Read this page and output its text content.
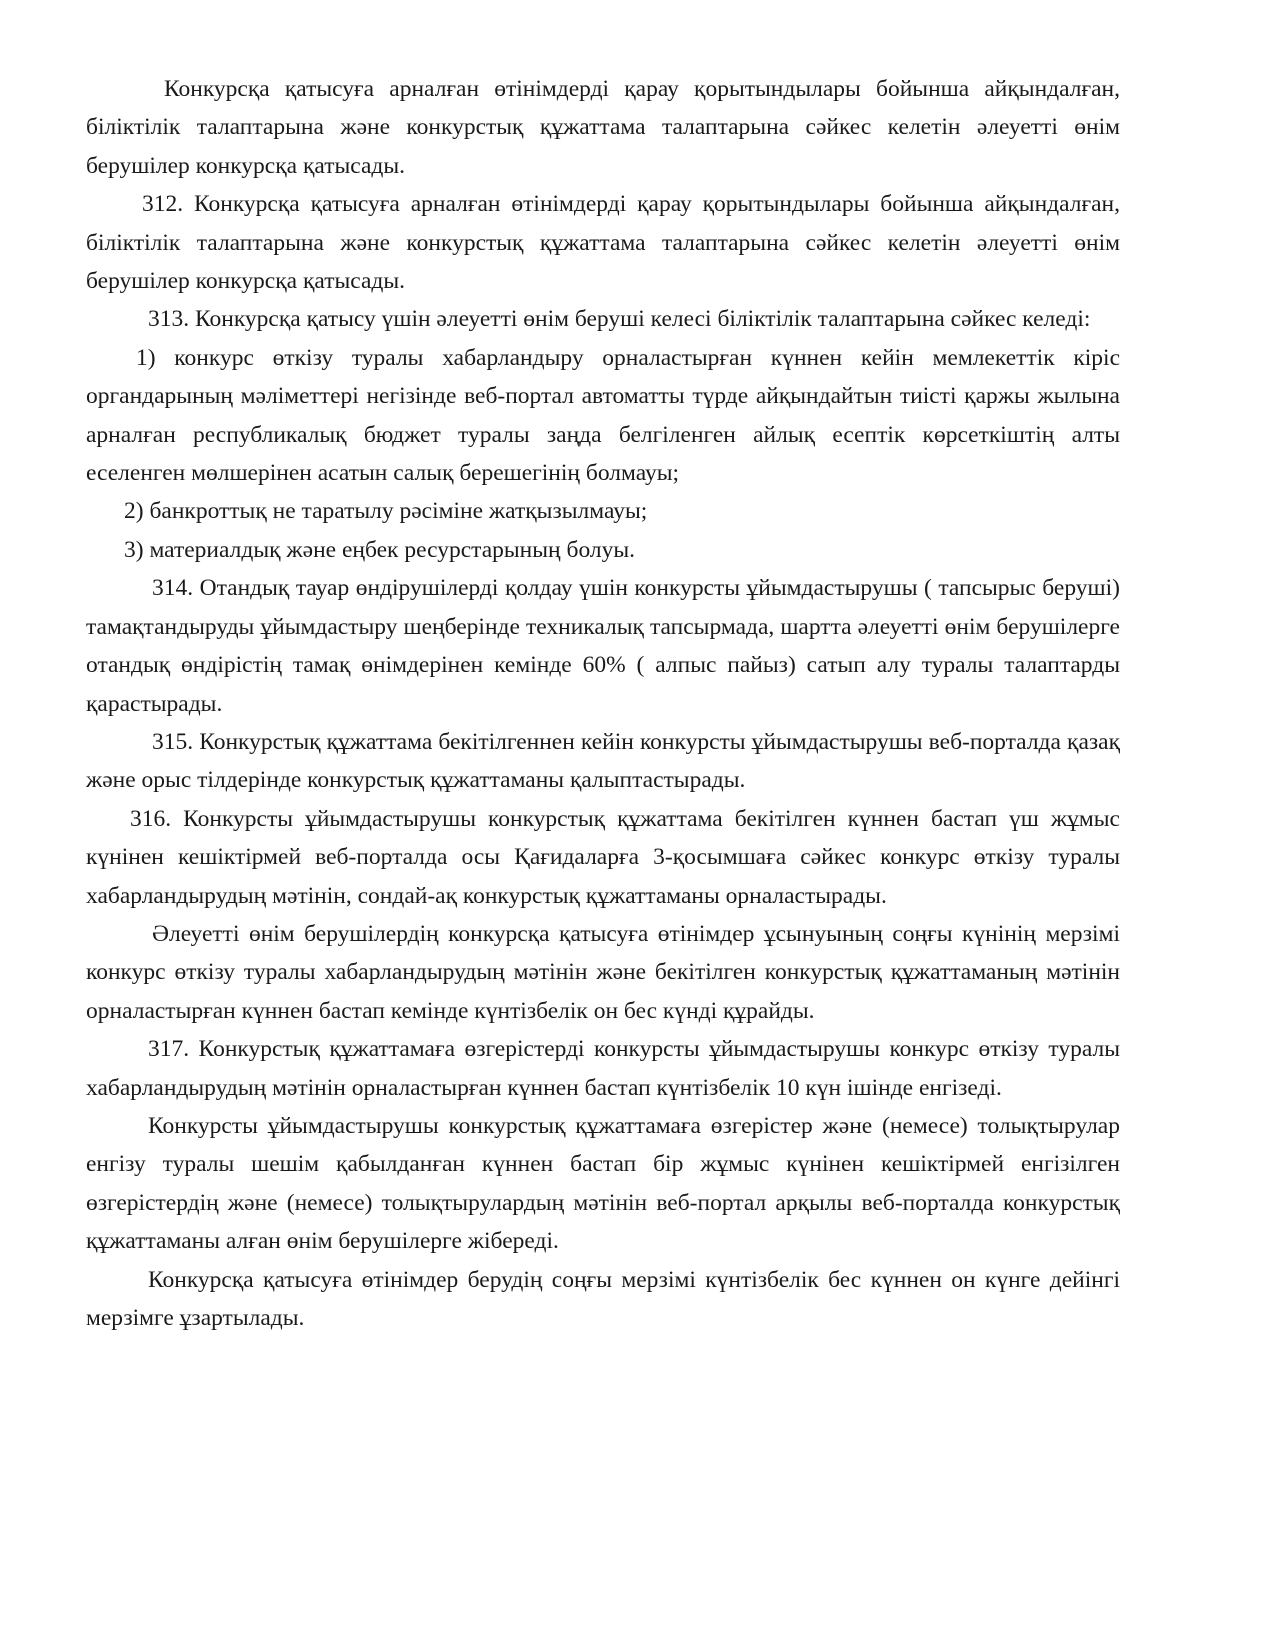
Конкурсқа қатысуға арналған өтінімдерді қарау қорытындылары бойынша айқындалған, біліктілік талаптарына және конкурстық құжаттама талаптарына сәйкес келетін әлеуетті өнім берушілер конкурсқа қатысады.

312. Конкурсқа қатысуға арналған өтінімдерді қарау қорытындылары бойынша айқындалған, біліктілік талаптарына және конкурстық құжаттама талаптарына сәйкес келетін әлеуетті өнім берушілер конкурсқа қатысады.

313. Конкурсқа қатысу үшін әлеуетті өнім беруші келесі біліктілік талаптарына сәйкес келеді:

1) конкурс өткізу туралы хабарландыру орналастырған күннен кейін мемлекеттік кіріс органдарының мәліметтері негізінде веб-портал автоматты түрде айқындайтын тиісті қаржы жылына арналған республикалық бюджет туралы заңда белгіленген айлық есептік көрсеткіштің алты еселенген мөлшерінен асатын салық берешегінің болмауы;

2) банкроттық не таратылу рәсіміне жатқызылмауы;

3) материалдық және еңбек ресурстарының болуы.

314. Отандық тауар өндірушілерді қолдау үшін конкурсты ұйымдастырушы ( тапсырыс беруші) тамақтандыруды ұйымдастыру шеңберінде техникалық тапсырмада, шартта әлеуетті өнім берушілерге отандық өндірістің тамақ өнімдерінен кемінде 60% ( алпыс пайыз) сатып алу туралы талаптарды қарастырады.

315. Конкурстық құжаттама бекітілгеннен кейін конкурсты ұйымдастырушы веб-порталда қазақ және орыс тілдерінде конкурстық құжаттаманы қалыптастырады.

316. Конкурсты ұйымдастырушы конкурстық құжаттама бекітілген күннен бастап үш жұмыс күнінен кешіктірмей веб-порталда осы Қағидаларға 3-қосымшаға сәйкес конкурс өткізу туралы хабарландырудың мәтінін, сондай-ақ конкурстық құжаттаманы орналастырады.

Әлеуетті өнім берушілердің конкурсқа қатысуға өтінімдер ұсынуының соңғы күнінің мерзімі конкурс өткізу туралы хабарландырудың мәтінін және бекітілген конкурстық құжаттаманың мәтінін орналастырған күннен бастап кемінде күнтізбелік он бес күнді құрайды.

317. Конкурстық құжаттамаға өзгерістерді конкурсты ұйымдастырушы конкурс өткізу туралы хабарландырудың мәтінін орналастырған күннен бастап күнтізбелік 10 күн ішінде енгізеді.

Конкурсты ұйымдастырушы конкурстық құжаттамаға өзгерістер және (немесе) толықтырулар енгізу туралы шешім қабылданған күннен бастап бір жұмыс күнінен кешіктірмей енгізілген өзгерістердің және (немесе) толықтырулардың мәтінін веб-портал арқылы веб-порталда конкурстық құжаттаманы алған өнім берушілерге жібереді.

Конкурсқа қатысуға өтінімдер берудің соңғы мерзімі күнтізбелік бес күннен он күнге дейінгі мерзімге ұзартылады.
